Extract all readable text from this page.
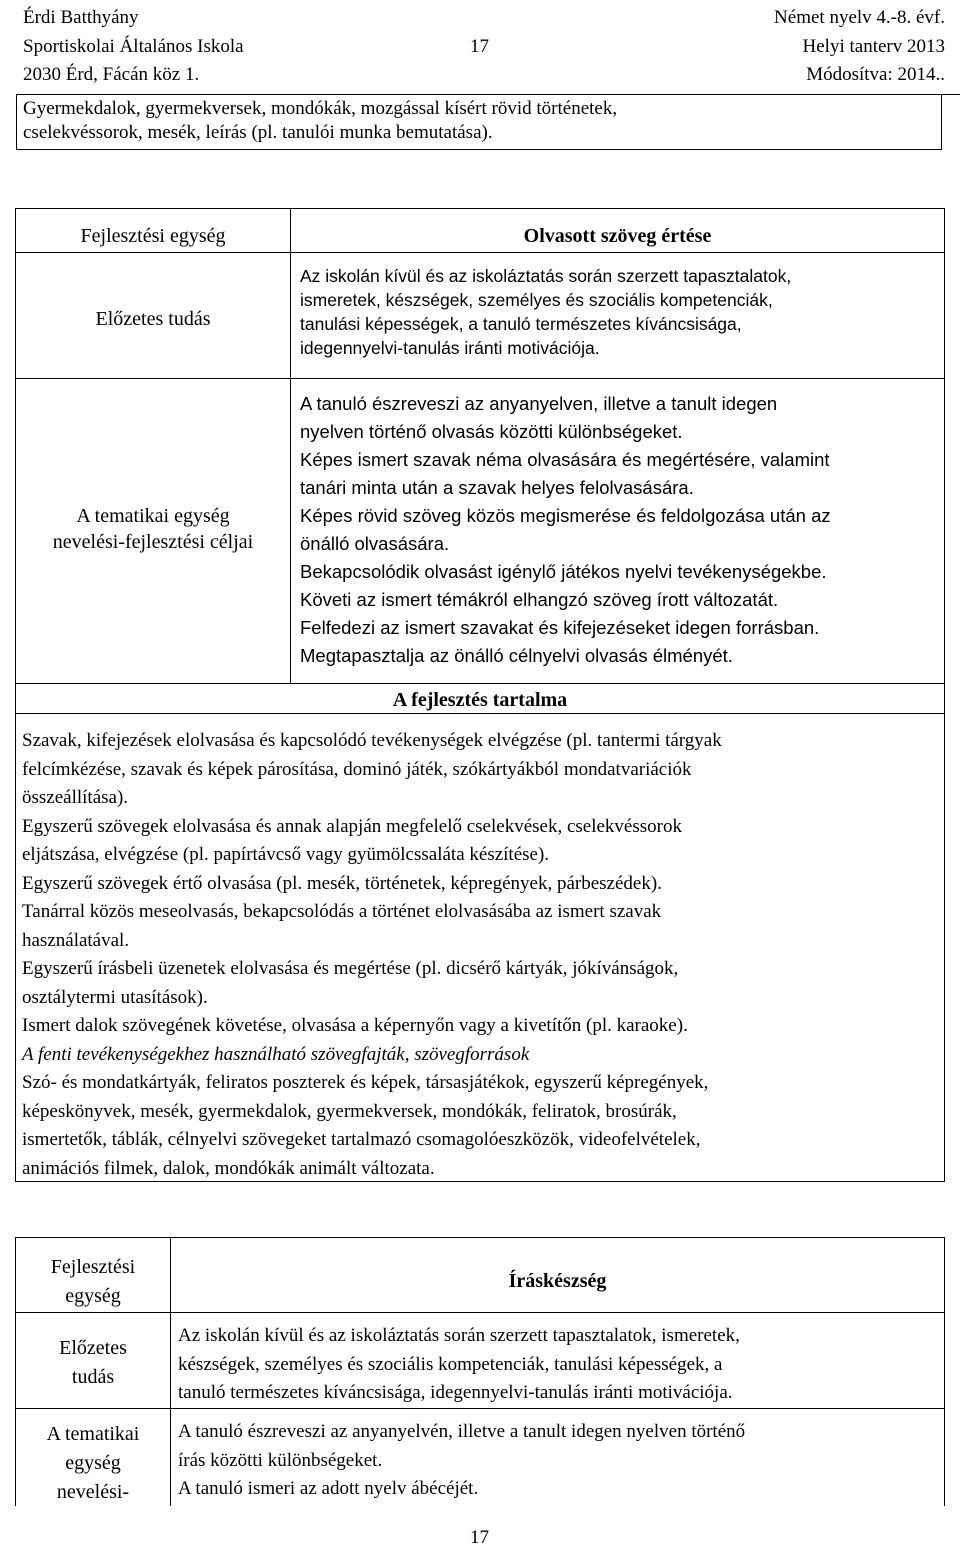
Érdi Batthyány
Sportiskolai Általános Iskola
2030 Érd, Fácán köz 1.
17
Német nyelv 4.-8. évf.
Helyi tanterv 2013
Módosítva: 2014..

Gyermekdalok, gyermekversek, mondókák, mozgással kísért rövid történetek,

cselekvéssorok, mesék, leírás (pl. tanulói munka bemutatása).

Fejlesztési egység
Előzetes tudás
A tematikai egység
nevelési-fejlesztési céljai
Olvasott szöveg értése

Az iskolán kívül és az iskoláztatás során szerzett tapasztalatok,

ismeretek, készségek, személyes és szociális kompetenciák,

tanulási képességek, a tanuló természetes kíváncsisága,

idegennyelvi-tanulás iránti motivációja.

A tanuló észreveszi az anyanyelven, illetve a tanult idegen

nyelven történő olvasás közötti különbségeket.

Képes ismert szavak néma olvasására és megértésére, valamint

tanári minta után a szavak helyes felolvasására.

Képes rövid szöveg közös megismerése és feldolgozása után az

önálló olvasására.

Bekapcsolódik olvasást igénylő játékos nyelvi tevékenységekbe.

Követi az ismert témákról elhangzó szöveg írott változatát.

Felfedezi az ismert szavakat és kifejezéseket idegen forrásban.

Megtapasztalja az önálló célnyelvi olvasás élményét.

A fejlesztés tartalma

Szavak, kifejezések elolvasása és kapcsolódó tevékenységek elvégzése (pl. tantermi tárgyak

felcímkézése, szavak és képek párosítása, dominó játék, szókártyákból mondatvariációk

összeállítása).

Egyszerű szövegek elolvasása és annak alapján megfelelő cselekvések, cselekvéssorok

eljátszása, elvégzése (pl. papírtávcső vagy gyümölcssaláta készítése).

Egyszerű szövegek értő olvasása (pl. mesék, történetek, képregények, párbeszédek).

Tanárral közös meseolvasás, bekapcsolódás a történet elolvasásába az ismert szavak

használatával.

Egyszerű írásbeli üzenetek elolvasása és megértése (pl. dicsérő kártyák, jókívánságok,

osztálytermi utasítások).

Ismert dalok szövegének követése, olvasása a képernyőn vagy a kivetítőn (pl. karaoke).

A fenti tevékenységekhez használható szövegfajták, szövegforrások

Szó- és mondatkártyák, feliratos poszterek és képek, társasjátékok, egyszerű képregények,

képeskönyvek, mesék, gyermekdalok, gyermekversek, mondókák, feliratok, brosúrák,

ismertetők, táblák, célnyelvi szövegeket tartalmazó csomagolóeszközök, videofelvételek,

animációs filmek, dalok, mondókák animált változata.

Fejlesztési
egység
Előzetes
tudás
A tematikai
egység
nevelési-
Íráskészség

Az iskolán kívül és az iskoláztatás során szerzett tapasztalatok, ismeretek,

készségek, személyes és szociális kompetenciák, tanulási képességek, a

tanuló természetes kíváncsisága, idegennyelvi-tanulás iránti motivációja.

A tanuló észreveszi az anyanyelvén, illetve a tanult idegen nyelven történő

írás közötti különbségeket.

A tanuló ismeri az adott nyelv ábécéjét.

17
